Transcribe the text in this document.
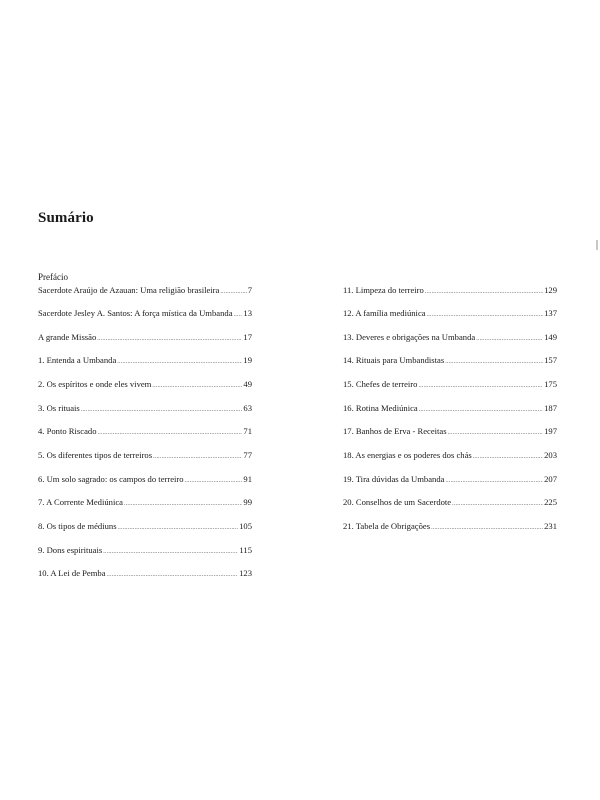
Sumário
Prefácio
Sacerdote Araújo de Azauan: Uma religião brasileira .....	7
Sacerdote Jesley A. Santos: A força mística da Umbanda ..... 13
A grande Missão .....	17
1. Entenda a Umbanda .....	19
2. Os espíritos e onde eles vivem .....	49
3. Os rituais .....	63
4. Ponto Riscado .....	71
5. Os diferentes tipos de terreiros .....	77
6. Um solo sagrado: os campos do terreiro .....	91
7. A Corrente Mediúnica .....	99
8. Os tipos de médiuns .....	105
9. Dons espirituais .....	115
10. A Lei de Pemba .....	123
11. Limpeza do terreiro .....	129
12. A família mediúnica .....	137
13. Deveres e obrigações na Umbanda .....	149
14. Rituais para Umbandistas .....	157
15. Chefes de terreiro .....	175
16. Rotina Mediúnica .....	187
17. Banhos de Erva - Receitas .....	197
18. As energias e os poderes dos chás .....	203
19. Tira dúvidas da Umbanda .....	207
20. Conselhos de um Sacerdote .....	225
21. Tabela de Obrigações .....	231
